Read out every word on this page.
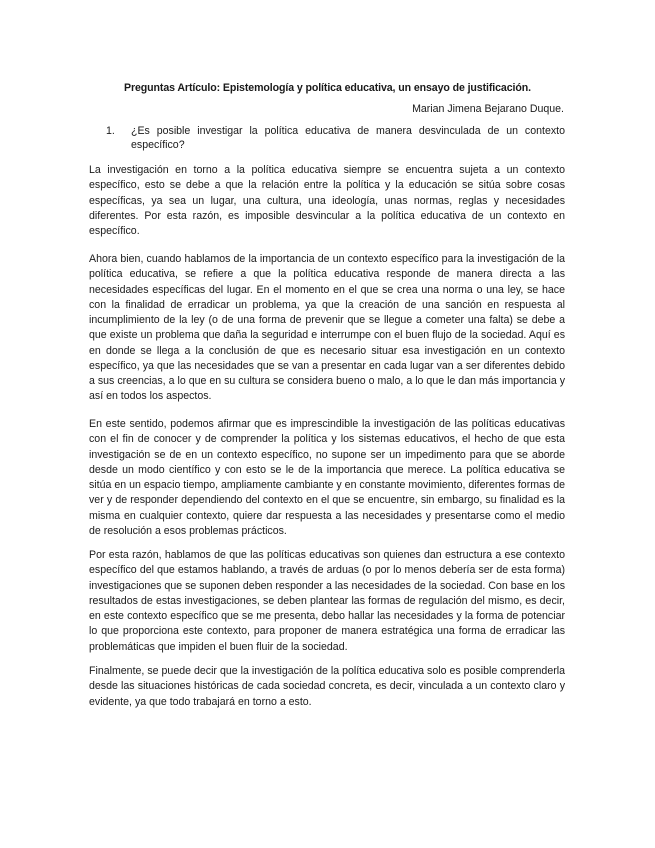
Preguntas Artículo: Epistemología y política educativa, un ensayo de justificación.
Marian Jimena Bejarano Duque.
1. ¿Es posible investigar la política educativa de manera desvinculada de un contexto específico?

La investigación en torno a la política educativa siempre se encuentra sujeta a un contexto específico, esto se debe a que la relación entre la política y la educación se sitúa sobre cosas específicas, ya sea un lugar, una cultura, una ideología, unas normas, reglas y necesidades diferentes. Por esta razón, es imposible desvincular a la política educativa de un contexto en específico.

Ahora bien, cuando hablamos de la importancia de un contexto específico para la investigación de la política educativa, se refiere a que la política educativa responde de manera directa a las necesidades específicas del lugar. En el momento en el que se crea una norma o una ley, se hace con la finalidad de erradicar un problema, ya que la creación de una sanción en respuesta al incumplimiento de la ley (o de una forma de prevenir que se llegue a cometer una falta) se debe a que existe un problema que daña la seguridad e interrumpe con el buen flujo de la sociedad. Aquí es en donde se llega a la conclusión de que es necesario situar esa investigación en un contexto específico, ya que las necesidades que se van a presentar en cada lugar van a ser diferentes debido a sus creencias, a lo que en su cultura se considera bueno o malo, a lo que le dan más importancia y así en todos los aspectos.

En este sentido, podemos afirmar que es imprescindible la investigación de las políticas educativas con el fin de conocer y de comprender la política y los sistemas educativos, el hecho de que esta investigación se de en un contexto específico, no supone ser un impedimento para que se aborde desde un modo científico y con esto se le de la importancia que merece. La política educativa se sitúa en un espacio tiempo, ampliamente cambiante y en constante movimiento, diferentes formas de ver y de responder dependiendo del contexto en el que se encuentre, sin embargo, su finalidad es la misma en cualquier contexto, quiere dar respuesta a las necesidades y presentarse como el medio de resolución a esos problemas prácticos.

Por esta razón, hablamos de que las políticas educativas son quienes dan estructura a ese contexto específico del que estamos hablando, a través de arduas (o por lo menos debería ser de esta forma) investigaciones que se suponen deben responder a las necesidades de la sociedad. Con base en los resultados de estas investigaciones, se deben plantear las formas de regulación del mismo, es decir, en este contexto específico que se me presenta, debo hallar las necesidades y la forma de potenciar lo que proporciona este contexto, para proponer de manera estratégica una forma de erradicar las problemáticas que impiden el buen fluir de la sociedad.

Finalmente, se puede decir que la investigación de la política educativa solo es posible comprenderla desde las situaciones históricas de cada sociedad concreta, es decir, vinculada a un contexto claro y evidente, ya que todo trabajará en torno a esto.
